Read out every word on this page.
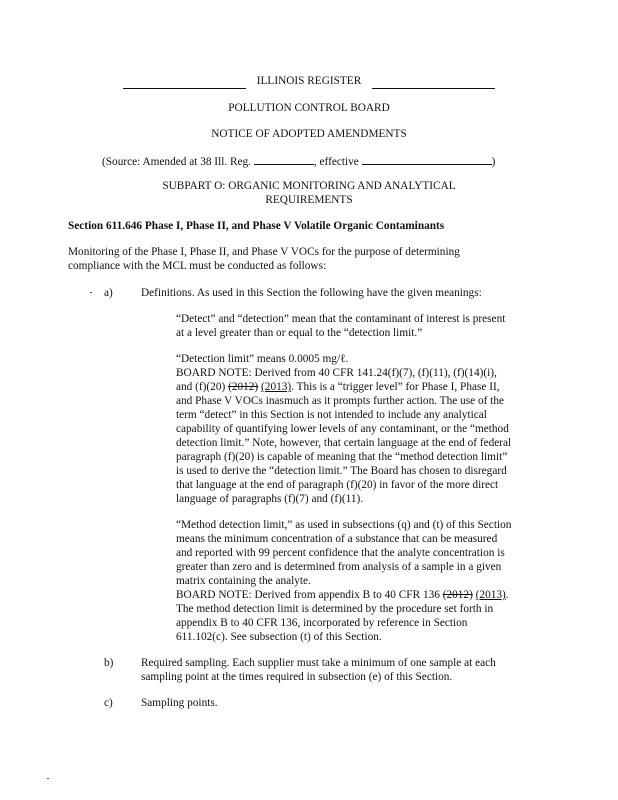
ILLINOIS REGISTER
POLLUTION CONTROL BOARD
NOTICE OF ADOPTED AMENDMENTS
(Source: Amended at 38 Ill. Reg.	, effective	)
SUBPART O: ORGANIC MONITORING AND ANALYTICAL
REQUIREMENTS
Section 611.646 Phase I, Phase II, and Phase V Volatile Organic Contaminants
Monitoring of the Phase I, Phase II, and Phase V VOCs for the purpose of determining
compliance with the MCL must be conducted as follows:
a) Definitions. As used in this Section the following have the given meanings:
“Detect” and “detection” mean that the contaminant of interest is present
at a level greater than or equal to the “detection limit.”
“Detection limit” means 0.0005 mg/ℓ.
BOARD NOTE: Derived from 40 CFR 141.24(f)(7), (f)(11), (f)(14)(i),
and (f)(20) (2012) (2013). This is a “trigger level” for Phase I, Phase II,
and Phase V VOCs inasmuch as it prompts further action. The use of the
term “detect” in this Section is not intended to include any analytical
capability of quantifying lower levels of any contaminant, or the “method
detection limit.” Note, however, that certain language at the end of federal
paragraph (f)(20) is capable of meaning that the “method detection limit”
is used to derive the “detection limit.” The Board has chosen to disregard
that language at the end of paragraph (f)(20) in favor of the more direct
language of paragraphs (f)(7) and (f)(11).
“Method detection limit,” as used in subsections (q) and (t) of this Section
means the minimum concentration of a substance that can be measured
and reported with 99 percent confidence that the analyte concentration is
greater than zero and is determined from analysis of a sample in a given
matrix containing the analyte.
BOARD NOTE: Derived from appendix B to 40 CFR 136 (2012) (2013).
The method detection limit is determined by the procedure set forth in
appendix B to 40 CFR 136, incorporated by reference in Section
611.102(c). See subsection (t) of this Section.
b) Required sampling. Each supplier must take a minimum of one sample at each
sampling point at the times required in subsection (e) of this Section.
c) Sampling points.
